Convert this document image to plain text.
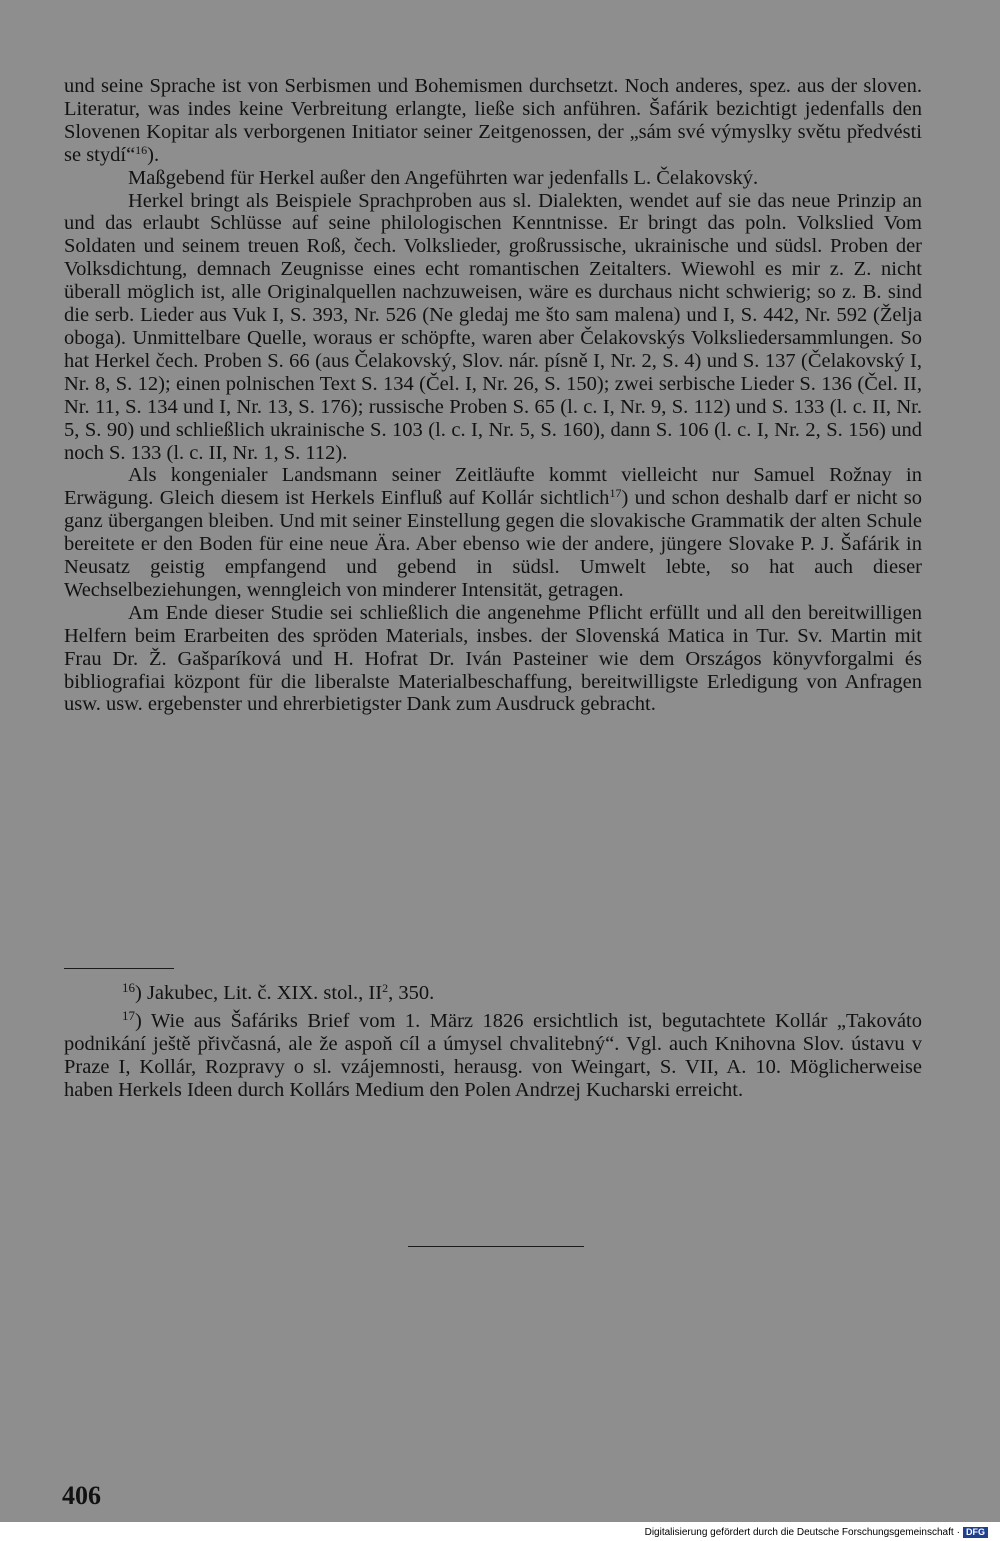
und seine Sprache ist von Serbismen und Bohemismen durchsetzt. Noch anderes, spez. aus der sloven. Literatur, was indes keine Verbreitung erlangte, ließe sich anführen. Šafárik bezichtigt jedenfalls den Slovenen Kopitar als verborgenen Initiator seiner Zeitgenossen, der „sám své výmyslky světu předvésti se stydí“$^{16}$).

Maßgebend für Herkel außer den Angeführten war jedenfalls L. Čelakovský.

Herkel bringt als Beispiele Sprachproben aus sl. Dialekten, wendet auf sie das neue Prinzip an und das erlaubt Schlüsse auf seine philologischen Kenntnisse. Er bringt das poln. Volkslied Vom Soldaten und seinem treuen Roß, čech. Volkslieder, großrussische, ukrainische und südsl. Proben der Volksdichtung, demnach Zeugnisse eines echt romantischen Zeitalters. Wiewohl es mir z. Z. nicht überall möglich ist, alle Originalquellen nachzuweisen, wäre es durchaus nicht schwierig; so z. B. sind die serb. Lieder aus Vuk I, S. 393, Nr. 526 (Ne gledaj me što sam malena) und I, S. 442, Nr. 592 (Željа oboga). Unmittelbare Quelle, woraus er schöpfte, waren aber Čelakovskýs Volksliedersammlungen. So hat Herkel čech. Proben S. 66 (aus Čelakovský, Slov. nár. písně I, Nr. 2, S. 4) und S. 137 (Čelakovský I, Nr. 8, S. 12); einen polnischen Text S. 134 (Čel. I, Nr. 26, S. 150); zwei serbische Lieder S. 136 (Čel. II, Nr. 11, S. 134 und I, Nr. 13, S. 176); russische Proben S. 65 (l. c. I, Nr. 9, S. 112) und S. 133 (l. c. II, Nr. 5, S. 90) und schließlich ukrainische S. 103 (l. c. I, Nr. 5, S. 160), dann S. 106 (l. c. I, Nr. 2, S. 156) und noch S. 133 (l. c. II, Nr. 1, S. 112).

Als kongenialer Landsmann seiner Zeitläufte kommt vielleicht nur Samuel Rožnay in Erwägung. Gleich diesem ist Herkels Einfluß auf Kollár sichtlich$^{17}$) und schon deshalb darf er nicht so ganz übergangen bleiben. Und mit seiner Einstellung gegen die slovakische Grammatik der alten Schule bereitete er den Boden für eine neue Ära. Aber ebenso wie der andere, jüngere Slovake P. J. Šafárik in Neusatz geistig empfangend und gebend in südsl. Umwelt lebte, so hat auch dieser Wechselbeziehungen, wenngleich von minderer Intensität, getragen.

Am Ende dieser Studie sei schließlich die angenehme Pflicht erfüllt und all den bereitwilligen Helfern beim Erarbeiten des spröden Materials, insbes. der Slovenská Matica in Tur. Sv. Martin mit Frau Dr. Ž. Gašparíková und H. Hofrat Dr. Iván Pasteiner wie dem Országos könyvforgalmi és bibliografiai központ für die liberalste Materialbeschaffung, bereitwilligste Erledigung von Anfragen usw. usw. ergebenster und ehrerbietigster Dank zum Ausdruck gebracht.

$^{16}$) Jakubec, Lit. č. XIX. stol., $II^2$, 350.

$^{17}$) Wie aus Šafáriks Brief vom 1. März 1826 ersichtlich ist, begutachtete Kollár „Takováto podnikání ještě přivčasná, ale že aspoň cíl a úmysel chvalitebný“. Vgl. auch Knihovna Slov. ústavu v Praze I, Kollár, Rozpravy o sl. vzájemnosti, herausg. von Weingart, S. VII, A. 10. Möglicherweise haben Herkels Ideen durch Kollárs Medium den Polen Andrzej Kucharski erreicht.

406
Digitalisierung gefördert durch die Deutsche Forschungsgemeinschaft · DFG
